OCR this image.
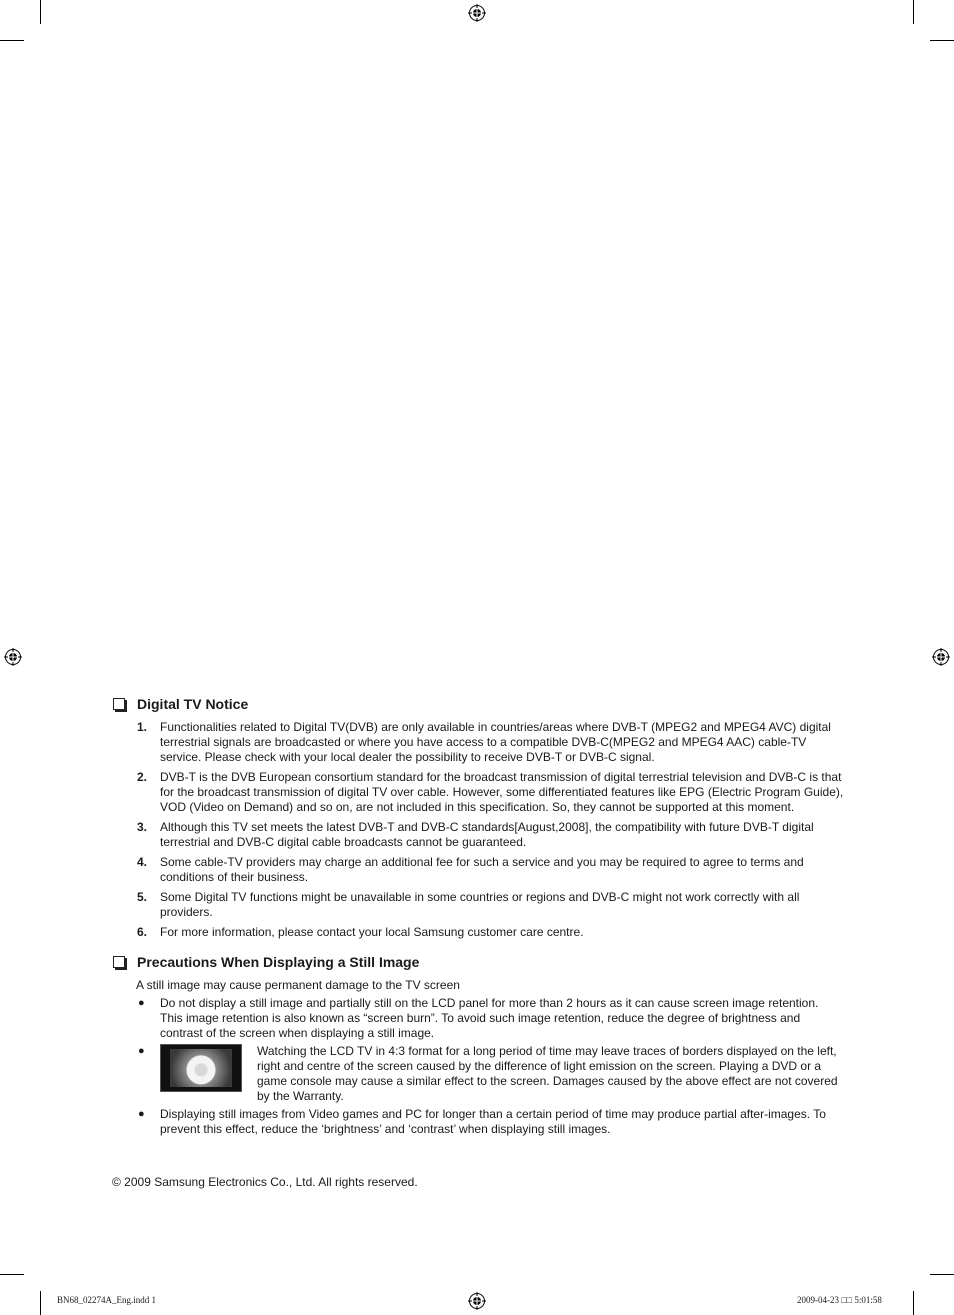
Digital TV Notice
1.	Functionalities related to Digital TV(DVB) are only available in countries/areas where DVB-T (MPEG2 and MPEG4 AVC) digital terrestrial signals are broadcasted or where you have access to a compatible DVB-C(MPEG2 and MPEG4 AAC) cable-TV service. Please check with your local dealer the possibility to receive DVB-T or DVB-C signal.
2.	DVB-T is the DVB European consortium standard for the broadcast transmission of digital terrestrial television and DVB-C is that for the broadcast transmission of digital TV over cable. However, some differentiated features like EPG (Electric Program Guide), VOD (Video on Demand) and so on, are not included in this specification. So, they cannot be supported at this moment.
3.	Although this TV set meets the latest DVB-T and DVB-C standards[August,2008], the compatibility with future DVB-T digital terrestrial and DVB-C digital cable broadcasts cannot be guaranteed.
4.	Some cable-TV providers may charge an additional fee for such a service and you may be required to agree to terms and conditions of their business.
5.	Some Digital TV functions might be unavailable in some countries or regions and DVB-C might not work correctly with all providers.
6.	For more information, please contact your local Samsung customer care centre.
Precautions When Displaying a Still Image
A still image may cause permanent damage to the TV screen
●	Do not display a still image and partially still on the LCD panel for more than 2 hours as it can cause screen image retention. This image retention is also known as “screen burn”. To avoid such image retention, reduce the degree of brightness and contrast of the screen when displaying a still image.
●	Watching the LCD TV in 4:3 format for a long period of time may leave traces of borders displayed on the left, right and centre of the screen caused by the difference of light emission on the screen. Playing a DVD or a game console may cause a similar effect to the screen. Damages caused by the above effect are not covered by the Warranty.
●	Displaying still images from Video games and PC for longer than a certain period of time may produce partial after-images. To prevent this effect, reduce the ‘brightness’ and ‘contrast’ when displaying still images.
© 2009 Samsung Electronics Co., Ltd. All rights reserved.
BN68_02274A_Eng.indd 1	2009-04-23 □□ 5:01:58
